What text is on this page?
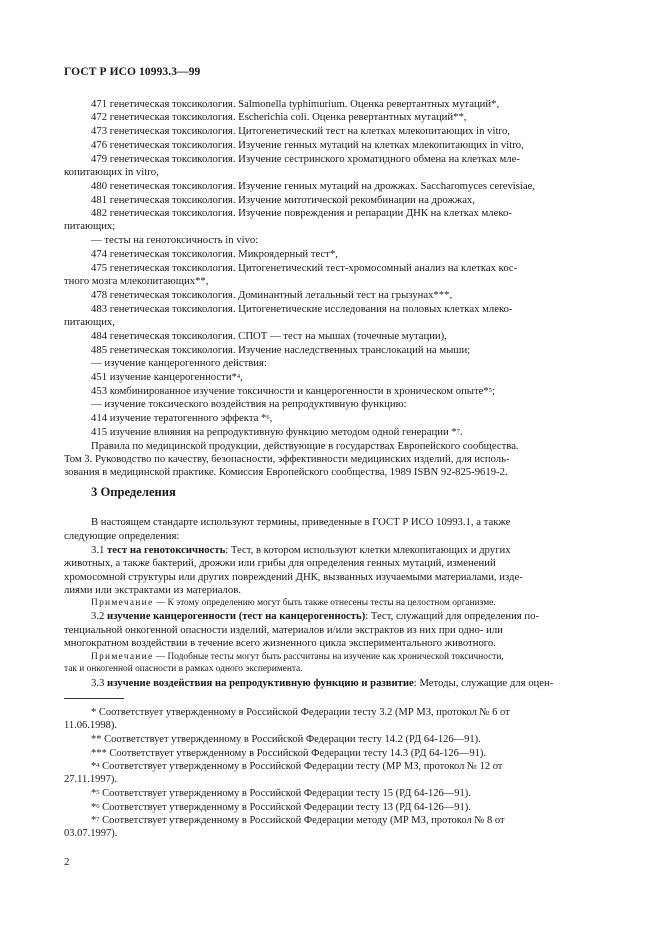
ГОСТ Р ИСО 10993.3—99
471 генетическая токсикология. Salmonella typhimurium. Оценка ревертантных мутаций*,
472 генетическая токсикология. Escherichia coli. Оценка ревертантных мутаций**,
473 генетическая токсикология. Цитогенетический тест на клетках млекопитающих in vitro,
476 генетическая токсикология. Изучение генных мутаций на клетках млекопитающих in vitro,
479 генетическая токсикология. Изучение сестринского хроматидного обмена на клетках мле-
копитающих in vitro,
480 генетическая токсикология. Изучение генных мутаций на дрожжах. Saccharomyces cerevisiae,
481 генетическая токсикология. Изучение митотической рекомбинации на дрожжах,
482 генетическая токсикология. Изучение повреждения и репарации ДНК на клетках млеко-
питающих;
— тесты на генотоксичность in vivo:
474 генетическая токсикология. Микроядерный тест*,
475 генетическая токсикология. Цитогенетический тест-хромосомный анализ на клетках кос-
тного мозга млекопитающих**,
478 генетическая токсикология. Доминантный летальный тест на грызунах***,
483 генетическая токсикология. Цитогенетические исследования на половых клетках млеко-
питающих,
484 генетическая токсикология. СПОТ — тест на мышах (точечные мутации),
485 генетическая токсикология. Изучение наследственных транслокаций на мыши;
— изучение канцерогенного действия:
451 изучение канцерогенности*$^4$,
453 комбинированное изучение токсичности и канцерогенности в хроническом опыте*$^5$;
— изучение токсического воздействия на репродуктивную функцию:
414 изучение тератогенного эффекта *$^6$,
415 изучение влияния на репродуктивную функцию методом одной генерации *$^7$.
Правила по медицинской продукции, действующие в государствах Европейского сообщества.
Том 3. Руководство по качеству, безопасности, эффективности медицинских изделий, для исполь-
зования в медицинской практике. Комиссия Европейского сообщества, 1989 ISBN 92-825-9619-2.
3 Определения
В настоящем стандарте используют термины, приведенные в ГОСТ Р ИСО 10993.1, а также
следующие определения:
3.1 тест на генотоксичность: Тест, в котором используют клетки млекопитающих и других
животных, а также бактерий, дрожжи или грибы для определения генных мутаций, изменений
хромосомной структуры или других повреждений ДНК, вызванных изучаемыми материалами, изде-
лиями или экстрактами из материалов.
Примечание — К этому определению могут быть также отнесены тесты на целостном организме.
3.2 изучение канцерогенности (тест на канцерогенность): Тест, служащий для определения по-
тенциальной онкогенной опасности изделий, материалов и/или экстрактов из них при одно- или
многократном воздействии в течение всего жизненного цикла экспериментального животного.
Примечание — Подобные тесты могут быть рассчитаны на изучение как хронической токсичности,
так и онкогенной опасности в рамках одного эксперимента.
3.3 изучение воздействия на репродуктивную функцию и развитие: Методы, служащие для оцен-
* Соответствует утвержденному в Российской Федерации тесту 3.2 (МР МЗ, протокол № 6 от
11.06.1998).
** Соответствует утвержденному в Российской Федерации тесту 14.2 (РД 64-126—91).
*** Соответствует утвержденному в Российской Федерации тесту 14.3 (РД 64-126—91).
*$^4$ Соответствует утвержденному в Российской Федерации тесту (МР МЗ, протокол № 12 от
27.11.1997).
*$^5$ Соответствует утвержденному в Российской Федерации тесту 15 (РД 64-126—91).
*$^6$ Соответствует утвержденному в Российской Федерации тесту 13 (РД 64-126—91).
*$^7$ Соответствует утвержденному в Российской Федерации методу (МР МЗ, протокол № 8 от
03.07.1997).
2
